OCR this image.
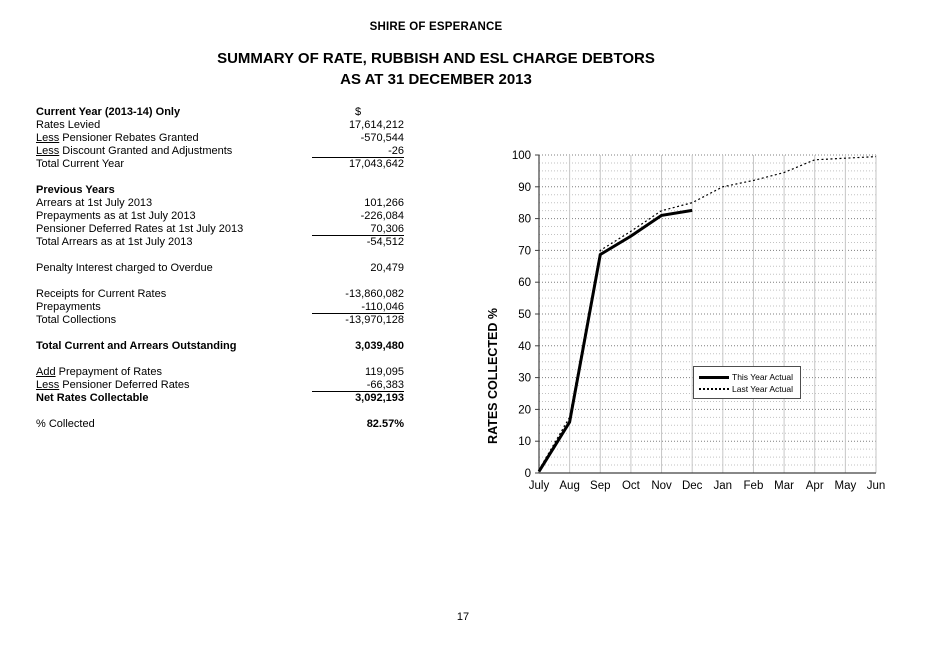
SHIRE OF ESPERANCE
SUMMARY OF RATE, RUBBISH AND ESL CHARGE DEBTORS
AS AT 31 DECEMBER 2013
Current Year (2013-14) Only	$
Rates Levied	17,614,212
Less Pensioner Rebates Granted	-570,544
Less Discount Granted and Adjustments	-26
Total Current Year	17,043,642
Previous Years
Arrears at 1st July 2013	101,266
Prepayments as at 1st July 2013	-226,084
Pensioner Deferred Rates at 1st July 2013	70,306
Total Arrears as at 1st July 2013	-54,512
Penalty Interest charged to Overdue	20,479
Receipts for Current Rates	-13,860,082
Prepayments	-110,046
Total Collections	-13,970,128
Total Current and Arrears Outstanding	3,039,480
Add Prepayment of Rates	119,095
Less Pensioner Deferred Rates	-66,383
Net Rates Collectable	3,092,193
% Collected	82.57%
0
10
20
30
40
50
60
70
80
90
100
July Aug Sep Oct Nov Dec Jan Feb Mar Apr May Jun
RATES COLLECTED %	This Year Actual
Last Year Actual
17
